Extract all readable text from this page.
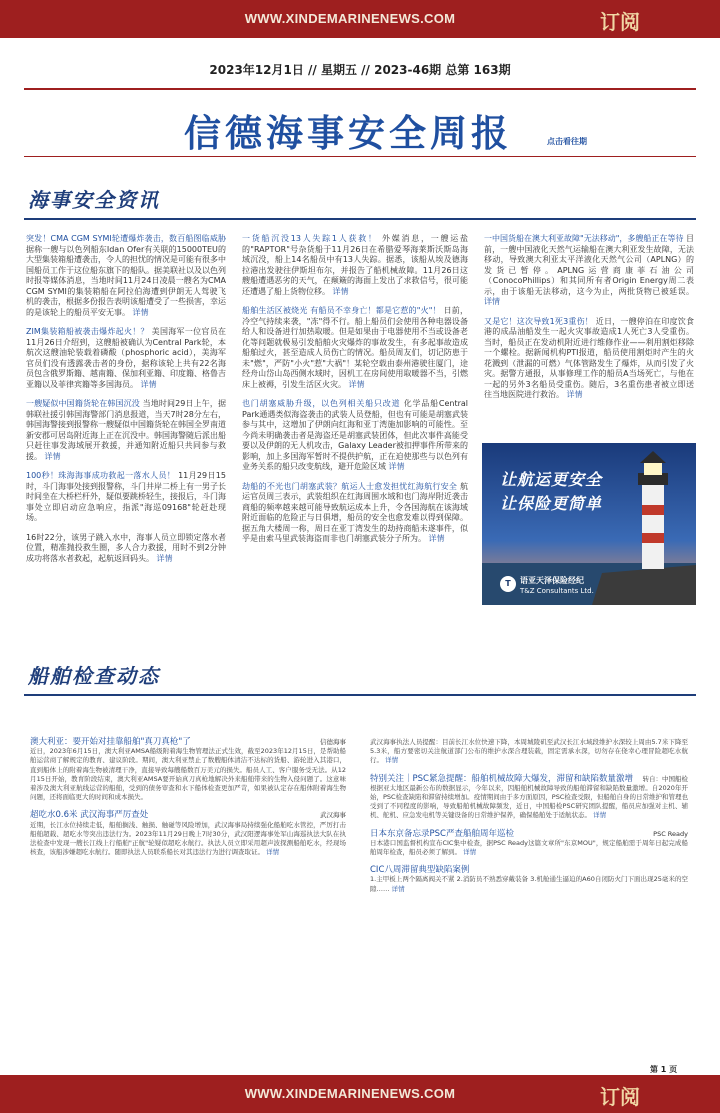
WWW.XINDEMARINENEWS.COM	订阅
2023年12月1日 // 星期五 // 2023-46期 总第 163期
信德海事安全周报	点击看往期
海事安全资讯
突发！CMA CGM SYMI轮遭爆炸袭击，数百船图临威胁 据称一艘与以色列船东Idan Ofer有关联的15000TEU的大型集装箱船遭袭击，令人的担忧的情况是可能有很多中国船员工作于这位船东旗下的船队。据美联社以及以色列时报等媒体消息，当地时间11月24日凌晨一艘名为CMA CGM SYMI的集装箱船在阿拉伯海遭到伊朗无人驾驶飞机的袭击，根据多份报告表明该船遭受了一些损害，幸运的是该轮上的船员平安无事。 详情
ZIM集装箱船被袭击爆炸起火！？ 美国海军一位官员在11月26日介绍到，这艘船被确认为Central Park轮，本航次这艘油轮装载着磷酸（phosphoric acid），美海军官员们没有透露袭击者的身份，据称该轮上共有22名海员包含俄罗斯籍、越南籍、保加利亚籍、印度籍、格鲁吉亚籍以及菲律宾籍等多国海员。 详情
一艘疑似中国籍货轮在韩国沉没 当地时间29日上午，据韩联社援引韩国海警部门消息报道，当天7时28分左右，韩国海警接到报警称一艘疑似中国籍货轮在韩国全罗南道新安郡可居岛附近海上正在沉没中。韩国海警随后派出船只赶往事发海域展开救援，并通知附近船只共同参与救援。 详情
100秒！珠海海事成功救起一落水人员！ 11月29日15时，斗门海事处接到报警称，斗门井岸二桥上有一男子长时间坐在大桥栏杆外，疑似要跳桥轻生，接报后，斗门海事处立即启动应急响应，指派"海巡09168"轮赶赴现场。
16时22分，该男子跳入水中，海事人员立即锁定落水者位置，精准抛投救生圈，多人合力救援，用时不到2分钟成功将落水者救起，起航返回码头。 详情
一货船沉没13人失踪1人获救！ 外媒消息，一艘运盐的"RAPTOR"号杂货船于11月26日在希腊爱琴海莱斯沃斯岛海域沉没，船上14名船员中有13人失踪。据悉，该船从埃及德海拉港出发驶往伊斯坦布尔，并报告了船机械故障。11月26日这艘船遭遇恶劣的天气，在颠簸的海面上发出了求救信号，很可能还遭遇了船上货物位移。 详情
船舶生活区被烧光 有船员不幸身亡！都是它惹的"火"！ 日前，冷空气持续来袭，"冻"得不行。船上船员们会使用各种电器设备给人和设备进行加热取暖。但是如果由于电器使用不当或设备老化等问题就极易引发船舶火灾爆炸的事故发生，有多起事故造成船舶过火，甚至造成人员伤亡的情况。船员周友们，切记防患于未"燃"，严防"小火"惹"大祸"！某轮空载由泰州港驶往厦门，途经舟山岱山岛西侧水域时，因机工在房间使用取暖器不当，引燃床上被褥，引发生活区火灾。 详情
也门胡塞威胁升级，以色列相关船只改道 化学品船Central Park通遇类似海盗袭击的武装人员登船，但也有可能是胡塞武装参与其中，这增加了伊朗向红海和亚丁湾施加影响的可能性。至今尚未明确袭击者是海盗还是胡塞武装团体，但此次事件高能受要以及伊朗的无人机攻击，Galaxy Leader被扣押事件所带来的影响，加上多国海军暂时不提供护航，正在迫使那些与以色列有业务关系的船只改变航线，避开危险区域 详情
劫船的不光也门胡塞武装？航运人士愈发担忧红海航行安全 航运官员周三表示，武装组织在红海周围水域和也门海岸附近袭击商船的频率越来越可能导致航运成本上升，令各国海航在该海域附近面临的危险正与日俱增，船员的安全也愈发难以得到保障。据五角大楼周一称，周日在亚丁湾发生的劫持商船未遂事件，似乎是由索马里武装海盗而非也门胡塞武装分子所为。 详情
一中国货船在澳大利亚故障"无法移动"，多艘船正在等待 目前，一艘中国液化天然气运输船在澳大利亚发生故障，无法移动，导致澳大利亚太平洋液化天然气公司（APLNG）的发货已暂停。APLNG运营商康菲石油公司（ConocoPhillips）和其同所有者Origin Energy周二表示，由于该船无法移动，这今为止，两批货物已被延误。 详情
又是它！这次导致1死3重伤！ 近日，一艘停泊在印度饮食港的成品油船发生一起火灾事故造成1人死亡3人受重伤。当时，船员正在发动机附近进行维修作业——利用割炬移除一个螺栓。据新闻机构PTI报道，船员使用割炬时产生的火花溅到（泄漏的可燃）气体管路发生了爆炸，从而引发了火灾。据警方通报，从事修理工作的船员A当场死亡，与他在一起的另外3名船员受重伤。随后，3名重伤患者被立即送往当地医院进行救治。 详情
让航运更安全
让保险更简单
T	语亚天泽保险经纪
T&Z Consultants Ltd.
船舶检查动态
澳大利亚：要开始对挂靠船舶"真刀真枪"了	信德海事

近日，2023年6月15日，澳大利亚AMSA船级附着海生物管理法正式生效，截至2023年12月15日，是帮助船舶运营商了解规定的教育、建议阶段。期间，澳大利亚禁止了数艘船体清洁不达标的货船、游轮进入其港口，直到船体上的附着海生物被清理干净，直接导致每艘船数百万美元的损失。船员人工、客户服务受无法。从12月15日开始，教育阶段结束，澳大利亚AMSA要开始真刀真枪地解决外来船舶带来的生物入侵问题了。这意味着涉及澳大利亚航线运营的船舶，受到的债务审查和水下船体检查更加严苛，如果被认定存在船体附着海生物问题，还将面临更大的时间和成本损失。
超吃水0.6米 武汉海事严厉查处	武汉海事

近期，长江水位持续走低，船舶搁浅、触损、触碰等风险增加，武汉海事局持续强化船舶吃水管控，严厉打击船舶超载、超吃水等突出违法行为。2023年11月29日晚上7时30分，武汉阳逻海事处军山海巡执法大队在执法检查中发现一艘长江线上行船舶"正航"轮疑似超吃水航行。执法人员立即采用超声波探测船舶吃水，经现场核查，该船涉嫌超吃水航行。随即执法人员联系船长对其违法行为进行调查取证。 详情
武汉海事执法人员提醒：目前长江水位快速下降，本周城陵矶至武汉长江水域段维护水深较上周由5.7米下降至5.3米，船方要密切关注航道部门公布的维护水深合理装载，固定需承水深，切勿存在侥幸心理冒险超吃水航行。 详情
特别关注｜PSC紧急提醒：船舶机械故障大爆发，滞留和缺陷数量激增 转自：中国船检

根据亚太地区最新公布的数据显示，今年以来，因船舶机械故障导致的船舶滞留和缺陷数量激增。自2020年开始，PSC检查缺陷和滞留持续增加。疫情期间由于多方面原因，PSC检查受限，但船舶自身的日常维护和管理也受到了不同程度的影响，导致船舶机械故障频发，近日，中国船检PSC研究团队提醒，船员应加强对主机、辅机、舵机、应急发电机等关键设备的日常维护保养，确保船舶处于适航状态。 详情
日本东京备忘录PSC严查船舶周年巡检	PSC Ready

日本港口国监督机构宣布CIC集中检查，据PSC Ready这篇文章所"东京MOU"，规定船舶需于周年日起完成船舶周年检查，船员必须了解到。 详情
CIC八周滞留典型缺陷案例
1.主甲板上两个隔离阀关不紧 2.消防员不熟悉穿戴装备 3.机舱通生逼迫的A60自闭防火门下面出现25毫米的空隙…… 详情
第 1 页
WWW.XINDEMARINENEWS.COM	订阅
